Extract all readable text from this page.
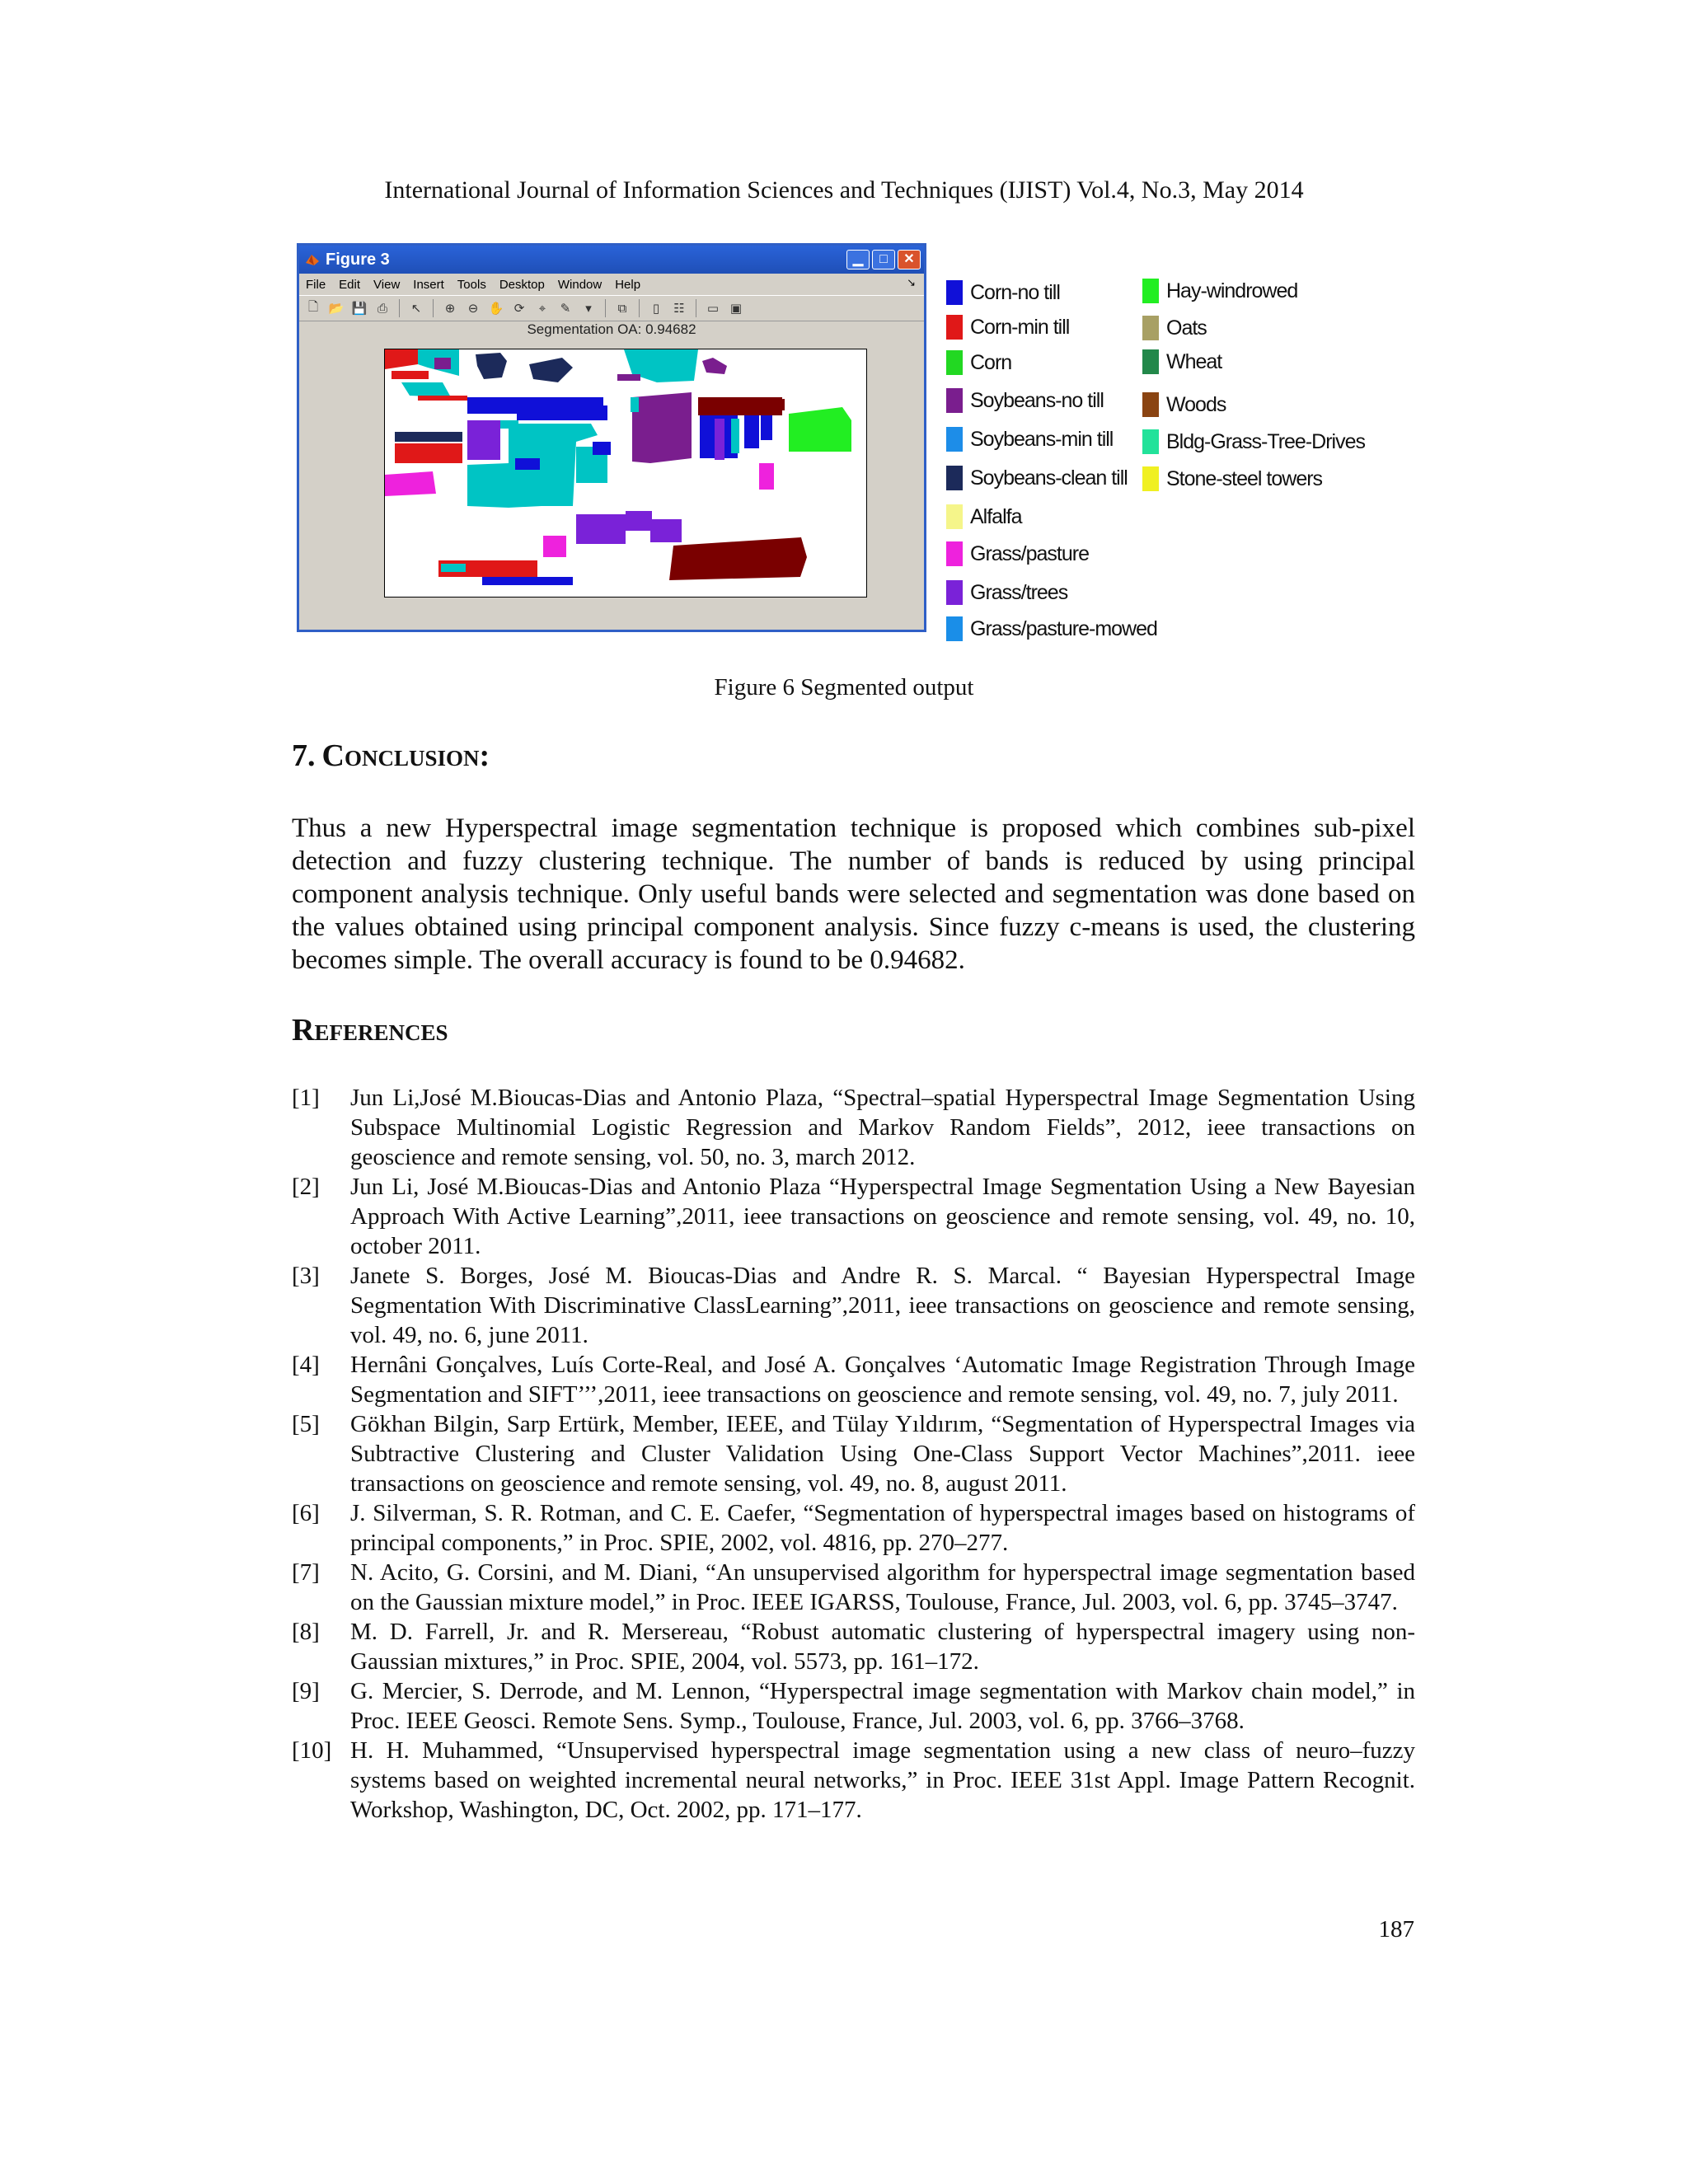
International Journal of Information Sciences and Techniques (IJIST) Vol.4, No.3, May 2014
Figure 3	▁	□	✕
File Edit View Insert Tools Desktop Window Help	↘
🗋 📂 💾 ⎙	↖	⊕	⊖ ✋ ⟳	⌖	✎	▾	⧉	▯	☷ ▭ ▣
Segmentation OA: 0.94682
Corn-no till
Corn-min till
Corn
Soybeans-no till
Soybeans-min till
Soybeans-clean till
Alfalfa
Grass/pasture
Grass/trees
Grass/pasture-mowed
Hay-windrowed
Oats
Wheat
Woods
Bldg-Grass-Tree-Drives
Stone-steel towers
Figure 6 Segmented output
7. Conclusion:
Thus a new Hyperspectral image segmentation technique is proposed which combines sub-pixel detection and fuzzy clustering technique. The number of bands is reduced by using principal component analysis technique. Only useful bands were selected and segmentation was done based on the values obtained using principal component analysis. Since fuzzy c-means is used, the clustering becomes simple. The overall accuracy is found to be 0.94682.
References
[1]	Jun Li,José M.Bioucas-Dias and Antonio Plaza, “Spectral–spatial Hyperspectral Image Segmentation Using Subspace Multinomial Logistic Regression and Markov Random Fields”, 2012, ieee transactions on geoscience and remote sensing, vol. 50, no. 3, march 2012.
[2]	Jun Li, José M.Bioucas-Dias and Antonio Plaza “Hyperspectral Image Segmentation Using a New Bayesian Approach With Active Learning”,2011, ieee transactions on geoscience and remote sensing, vol. 49, no. 10, october 2011.
[3]	Janete S. Borges, José M. Bioucas-Dias and Andre R. S. Marcal. “ Bayesian Hyperspectral Image Segmentation With Discriminative ClassLearning”,2011, ieee transactions on geoscience and remote sensing, vol. 49, no. 6, june 2011.
[4]	Hernâni Gonçalves, Luís Corte-Real, and José A. Gonçalves ‘Automatic Image Registration Through Image Segmentation and SIFT’’’,2011, ieee transactions on geoscience and remote sensing, vol. 49, no. 7, july 2011.
[5]	Gökhan Bilgin, Sarp Ertürk, Member, IEEE, and Tülay Yıldırım, “Segmentation of Hyperspectral Images via Subtractive Clustering and Cluster Validation Using One-Class Support Vector Machines”,2011. ieee transactions on geoscience and remote sensing, vol. 49, no. 8, august 2011.
[6]	J. Silverman, S. R. Rotman, and C. E. Caefer, “Segmentation of hyperspectral images based on histograms of principal components,” in Proc. SPIE, 2002, vol. 4816, pp. 270–277.
[7]	N. Acito, G. Corsini, and M. Diani, “An unsupervised algorithm for hyperspectral image segmentation based on the Gaussian mixture model,” in Proc. IEEE IGARSS, Toulouse, France, Jul. 2003, vol. 6, pp. 3745–3747.
[8]	M. D. Farrell, Jr. and R. Mersereau, “Robust automatic clustering of hyperspectral imagery using non-Gaussian mixtures,” in Proc. SPIE, 2004, vol. 5573, pp. 161–172.
[9]	G. Mercier, S. Derrode, and M. Lennon, “Hyperspectral image segmentation with Markov chain model,” in Proc. IEEE Geosci. Remote Sens. Symp., Toulouse, France, Jul. 2003, vol. 6, pp. 3766–3768.
[10] H. H. Muhammed, “Unsupervised hyperspectral image segmentation using a new class of neuro–fuzzy systems based on weighted incremental neural networks,” in Proc. IEEE 31st Appl. Image Pattern Recognit. Workshop, Washington, DC, Oct. 2002, pp. 171–177.
187
